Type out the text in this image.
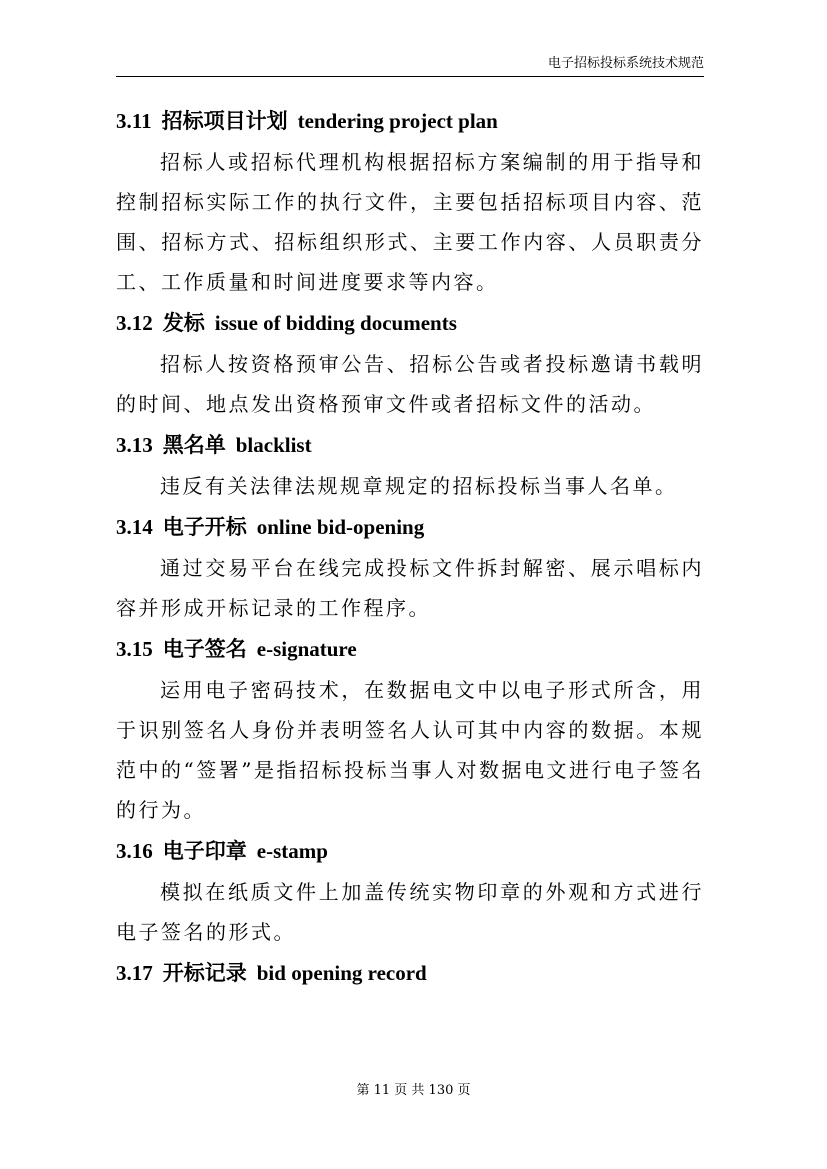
电子招标投标系统技术规范

3.11 招标项目计划 tendering project plan

招标人或招标代理机构根据招标方案编制的用于指导和控制招标实际工作的执行文件，主要包括招标项目内容、范围、招标方式、招标组织形式、主要工作内容、人员职责分工、工作质量和时间进度要求等内容。

3.12 发标 issue of bidding documents

招标人按资格预审公告、招标公告或者投标邀请书载明的时间、地点发出资格预审文件或者招标文件的活动。

3.13 黑名单 blacklist

违反有关法律法规规章规定的招标投标当事人名单。

3.14 电子开标 online bid-opening

通过交易平台在线完成投标文件拆封解密、展示唱标内容并形成开标记录的工作程序。

3.15 电子签名 e-signature

运用电子密码技术，在数据电文中以电子形式所含，用于识别签名人身份并表明签名人认可其中内容的数据。本规范中的“签署”是指招标投标当事人对数据电文进行电子签名的行为。

3.16 电子印章 e-stamp

模拟在纸质文件上加盖传统实物印章的外观和方式进行电子签名的形式。

3.17 开标记录 bid opening record

第 11 页 共 130 页
